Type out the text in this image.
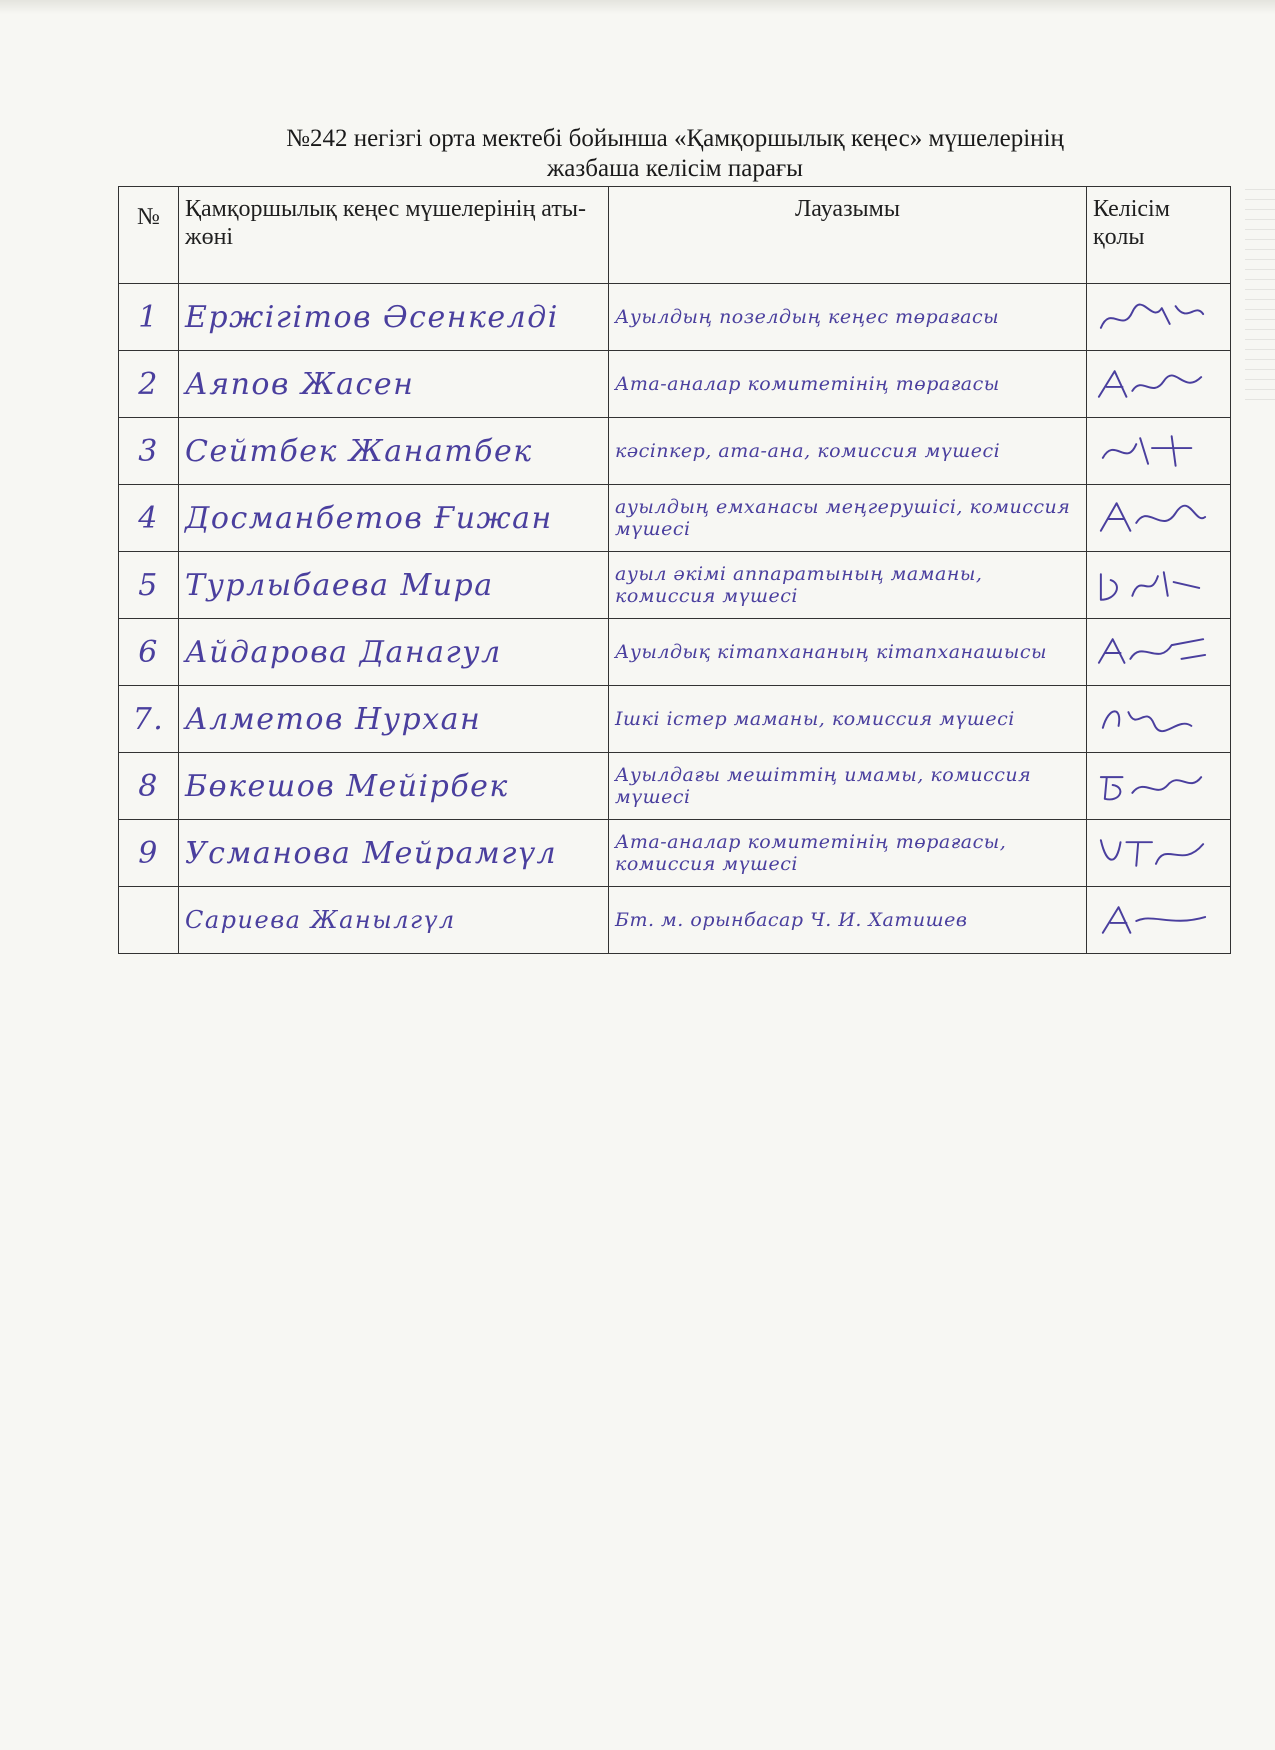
№242 негізгі орта мектебі бойынша «Қамқоршылық кеңес» мүшелерінің
жазбаша келісім парағы
№	Қамқоршылық кеңес мүшелерінің аты-жөні	Лауазымы	Келісім қолы
1	Ержігітов Әсенкелді	Ауылдың позелдың кеңес төрағасы	

2	Аяпов Жасен	Ата-аналар комитетінің төрағасы	

3	Сейтбек Жанатбек	кәсіпкер, ата-ана, комиссия мүшесі	

4	Досманбетов Ғижан	ауылдың емханасы меңгерушісі, комиссия мүшесі	

5	Турлыбаева Мира	ауыл әкімі аппаратының маманы, комиссия мүшесі	

6	Айдарова Данагул	Ауылдық кітапхананың кітапханашысы	

7.	Алметов Нурхан	Ішкі істер маманы, комиссия мүшесі	

8	Бөкешов Мейірбек	Ауылдағы мешіттің имамы, комиссия мүшесі	

9	Усманова Мейрамгүл	Ата-аналар комитетінің төрағасы, комиссия мүшесі	

	Сариева Жанылгүл	Бт. м. орынбасар Ч. И. Хатишев	
